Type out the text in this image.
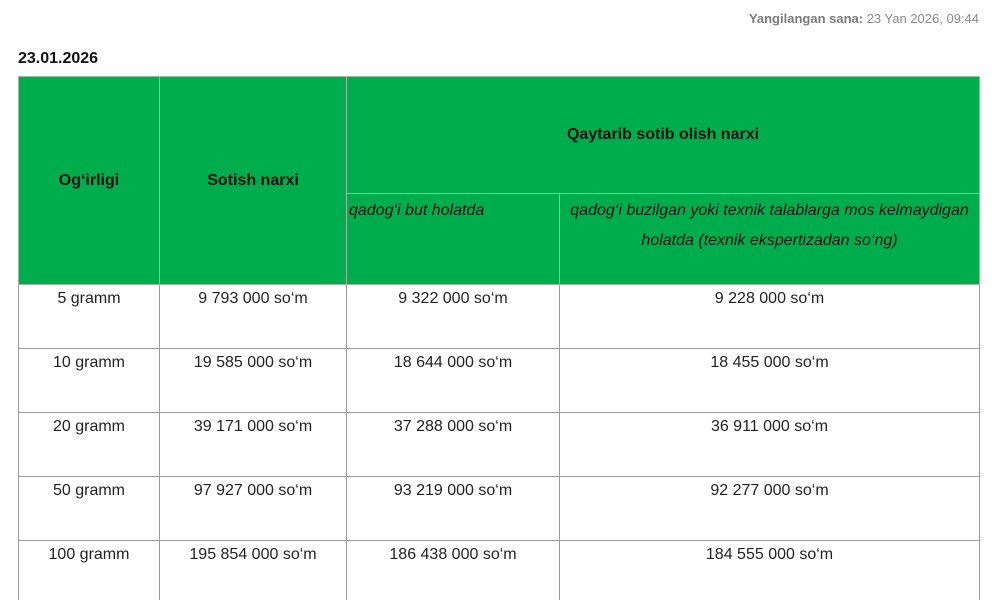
Yangilangan sana: 23 Yan 2026, 09:44
23.01.2026
Og‘irligi	Sotish narxi	Qaytarib sotib olish narxi	
		qadog‘i but holatda	qadog‘i buzilgan yoki texnik talablarga mos kelmaydigan holatda (texnik ekspertizadan so‘ng)
5 gramm	9 793 000 so‘m	9 322 000 so‘m	9 228 000 so‘m
10 gramm	19 585 000 so‘m	18 644 000 so‘m	18 455 000 so‘m
20 gramm	39 171 000 so‘m	37 288 000 so‘m	36 911 000 so‘m
50 gramm	97 927 000 so‘m	93 219 000 so‘m	92 277 000 so‘m
100 gramm	195 854 000 so‘m	186 438 000 so‘m	184 555 000 so‘m
